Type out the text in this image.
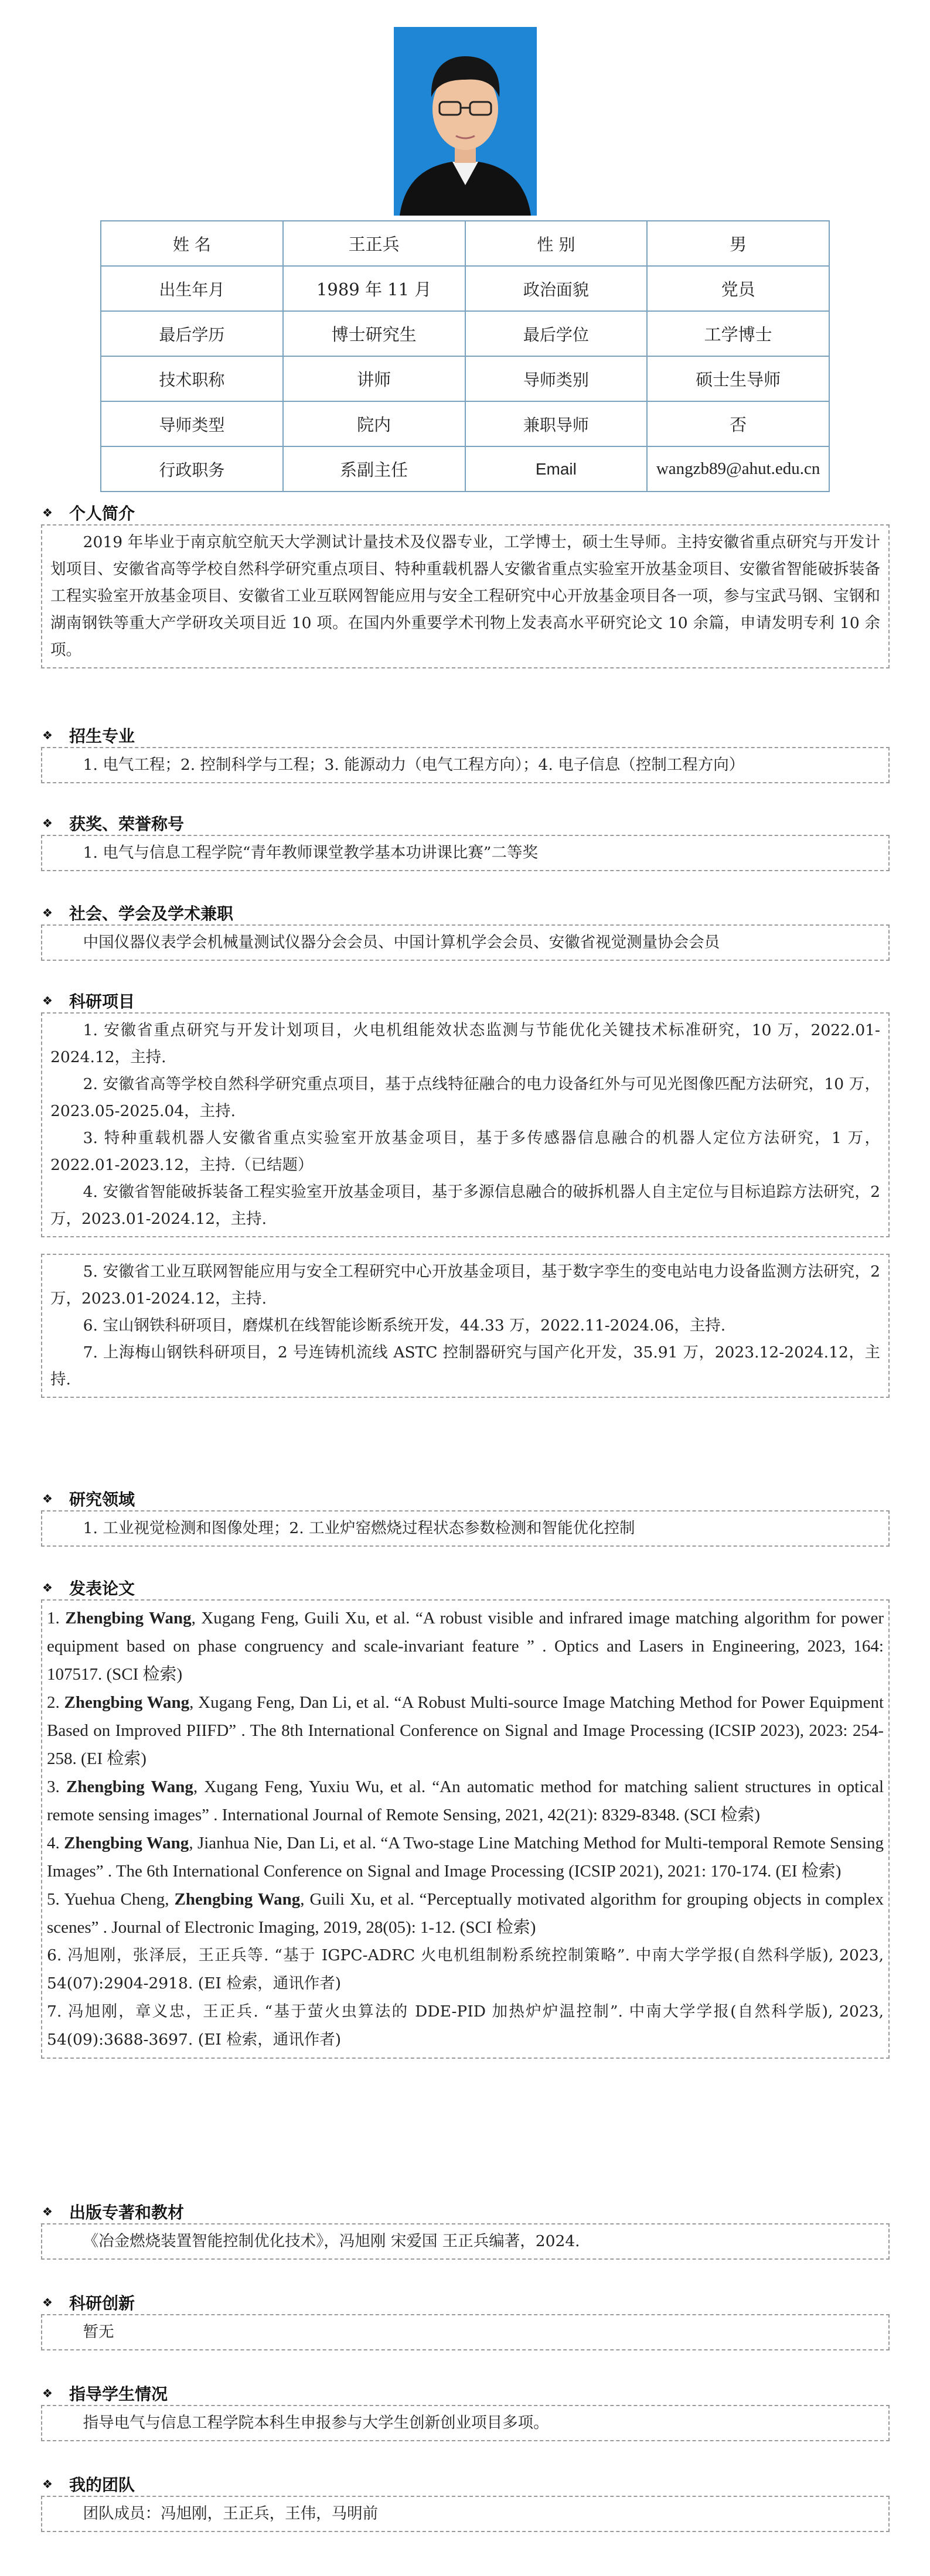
姓 名	王正兵	性 别	男
出生年月	1989 年 11 月	政治面貌	党员
最后学历	博士研究生	最后学位	工学博士
技术职称	讲师	导师类别	硕士生导师
导师类型	院内	兼职导师	否
行政职务	系副主任	Email	wangzb89@ahut.edu.cn
❖ 个人简介

2019 年毕业于南京航空航天大学测试计量技术及仪器专业，工学博士，硕士生导师。主持安徽省重点研究与开发计划项目、安徽省高等学校自然科学研究重点项目、特种重载机器人安徽省重点实验室开放基金项目、安徽省智能破拆装备工程实验室开放基金项目、安徽省工业互联网智能应用与安全工程研究中心开放基金项目各一项，参与宝武马钢、宝钢和湖南钢铁等重大产学研攻关项目近 10 项。在国内外重要学术刊物上发表高水平研究论文 10 余篇，申请发明专利 10 余项。

❖ 招生专业

1. 电气工程；2. 控制科学与工程；3. 能源动力（电气工程方向）；4. 电子信息（控制工程方向）

❖ 获奖、荣誉称号

1. 电气与信息工程学院“青年教师课堂教学基本功讲课比赛”二等奖

❖ 社会、学会及学术兼职

中国仪器仪表学会机械量测试仪器分会会员、中国计算机学会会员、安徽省视觉测量协会会员

❖ 科研项目

1. 安徽省重点研究与开发计划项目，火电机组能效状态监测与节能优化关键技术标准研究，10 万，2022.01-2024.12，主持.

2. 安徽省高等学校自然科学研究重点项目，基于点线特征融合的电力设备红外与可见光图像匹配方法研究，10 万，2023.05-2025.04，主持.

3. 特种重载机器人安徽省重点实验室开放基金项目，基于多传感器信息融合的机器人定位方法研究，1 万，2022.01-2023.12，主持.（已结题）

4. 安徽省智能破拆装备工程实验室开放基金项目，基于多源信息融合的破拆机器人自主定位与目标追踪方法研究，2 万，2023.01-2024.12，主持.

5. 安徽省工业互联网智能应用与安全工程研究中心开放基金项目，基于数字孪生的变电站电力设备监测方法研究，2 万，2023.01-2024.12，主持.

6. 宝山钢铁科研项目，磨煤机在线智能诊断系统开发，44.33 万，2022.11-2024.06，主持.

7. 上海梅山钢铁科研项目，2 号连铸机流线 ASTC 控制器研究与国产化开发，35.91 万，2023.12-2024.12，主持.

❖ 研究领域

1. 工业视觉检测和图像处理；2. 工业炉窑燃烧过程状态参数检测和智能优化控制

❖ 发表论文

1. Zhengbing Wang, Xugang Feng, Guili Xu, et al. “A robust visible and infrared image matching algorithm for power equipment based on phase congruency and scale-invariant feature ” . Optics and Lasers in Engineering, 2023, 164: 107517. (SCI 检索)

2. Zhengbing Wang, Xugang Feng, Dan Li, et al. “A Robust Multi-source Image Matching Method for Power Equipment Based on Improved PIIFD” . The 8th International Conference on Signal and Image Processing (ICSIP 2023), 2023: 254-258. (EI 检索)

3. Zhengbing Wang, Xugang Feng, Yuxiu Wu, et al. “An automatic method for matching salient structures in optical remote sensing images” . International Journal of Remote Sensing, 2021, 42(21): 8329-8348. (SCI 检索)

4. Zhengbing Wang, Jianhua Nie, Dan Li, et al. “A Two-stage Line Matching Method for Multi-temporal Remote Sensing Images” . The 6th International Conference on Signal and Image Processing (ICSIP 2021), 2021: 170-174. (EI 检索)

5. Yuehua Cheng, Zhengbing Wang, Guili Xu, et al. “Perceptually motivated algorithm for grouping objects in complex scenes” . Journal of Electronic Imaging, 2019, 28(05): 1-12. (SCI 检索)

6. 冯旭刚，张泽辰，王正兵等. “基于 IGPC-ADRC 火电机组制粉系统控制策略”. 中南大学学报(自然科学版), 2023, 54(07):2904-2918. (EI 检索，通讯作者)

7. 冯旭刚，章义忠，王正兵. “基于萤火虫算法的 DDE-PID 加热炉炉温控制”. 中南大学学报(自然科学版), 2023, 54(09):3688-3697. (EI 检索，通讯作者)

❖ 出版专著和教材

《冶金燃烧装置智能控制优化技术》，冯旭刚 宋爱国 王正兵编著，2024.

❖ 科研创新

暂无

❖ 指导学生情况

指导电气与信息工程学院本科生申报参与大学生创新创业项目多项。

❖ 我的团队

团队成员：冯旭刚，王正兵，王伟，马明前
